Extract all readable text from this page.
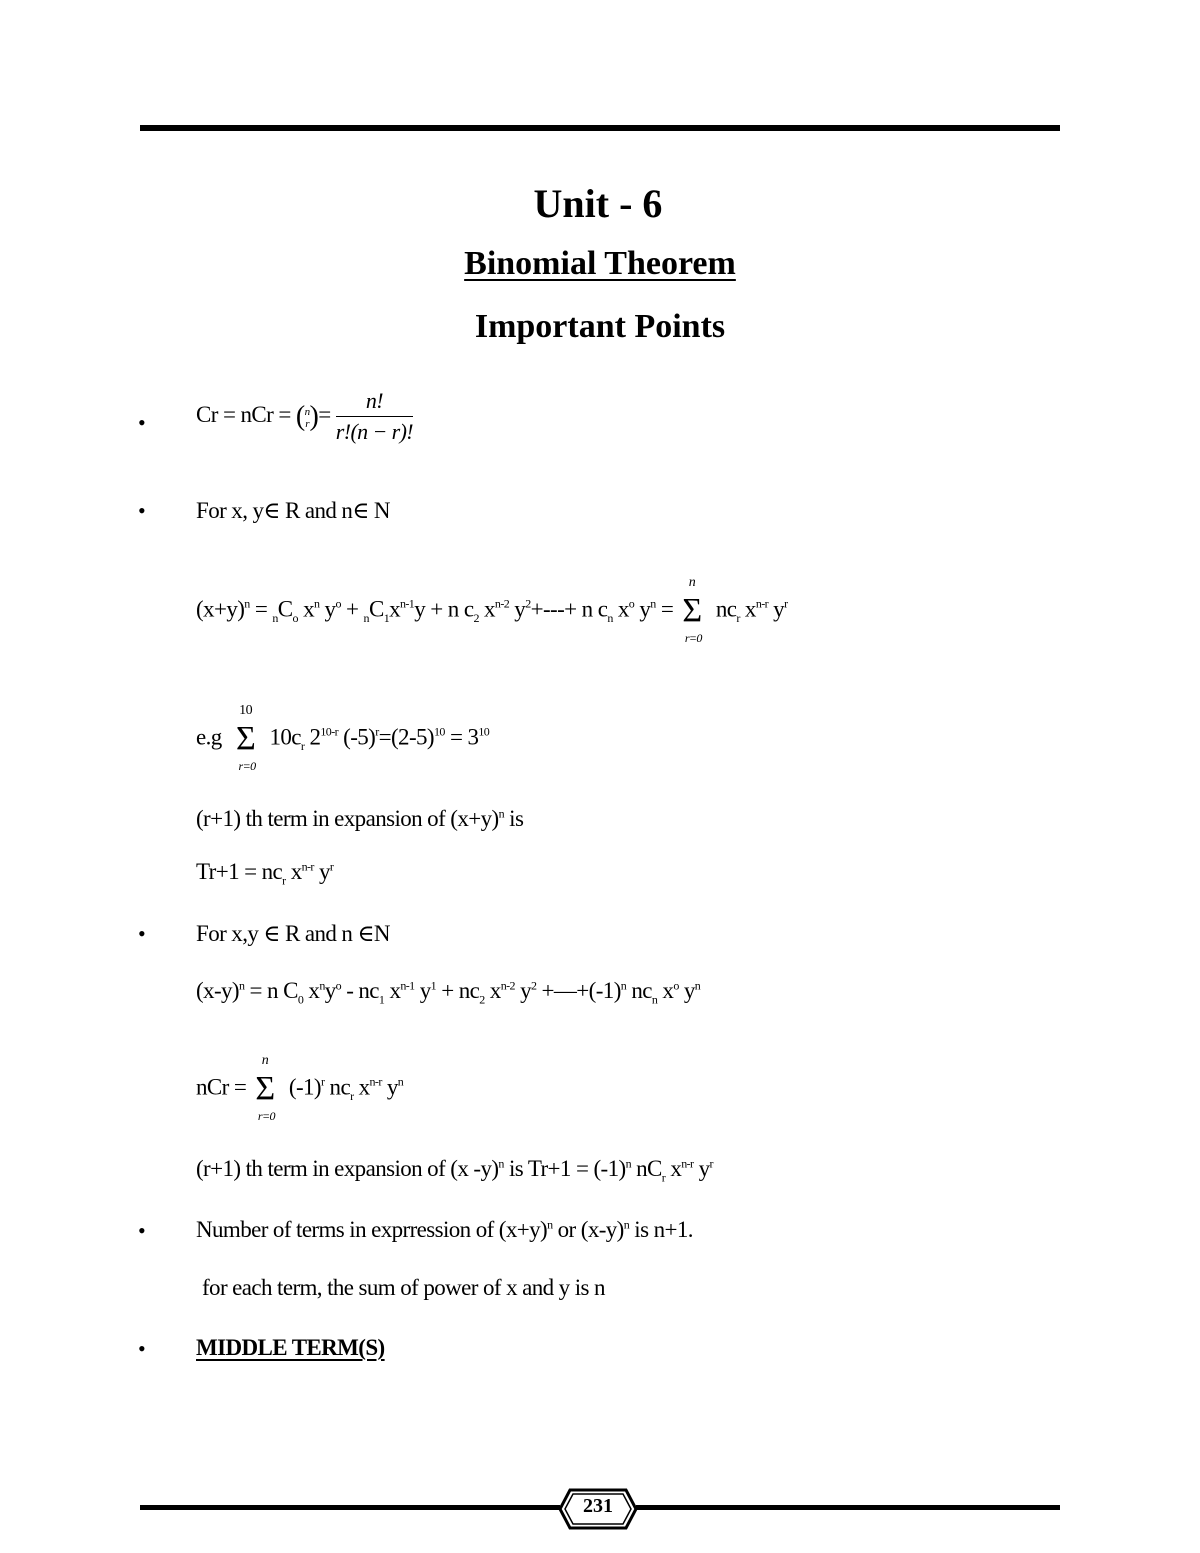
Unit - 6
Binomial Theorem
Important Points
•
•
•
•
•
Cr = nCr = (n
$r)= \frac{n!}{r!(n - r)!}$
For x, y∈ R and n∈ N
$(x+y)^n = _nC_o$ $x^n$ $y^o + _nC_1x^{n-1}y + n$ $c_2$ $x^{n-2}$ $y^2+---+ n$ $c_n$ $x^o$ $y^n = \Sigma$
n
r=0
$nc_r$ $x^{n-r}$ $y^r$
e.g Σ
10
r=0
$10c_r$ 2$^{10-r}$ $(-5)^r=(2-5)^{10} = 3^{10}$
(r+1) th term in expansion of $(x+y)^n$ is
$Tr+1 = nc_r$ $x^{n-r}$ $y^r$
For x,y ∈ R and n ∈N
$(x-y)^n = n$ $C_0$ $x^ny^o - nc_1$ $x^{n-1}$ $y^1 + nc_2$ $x^{n-2}$ $y^2$ $+—+(-1)^n$ $nc_n$ $x^o$ $y^n$
nCr = Σ
n
r=0
$(-1)^r$ $nc_r$ $x^{n-r}$ $y^n$
(r+1) th term in expansion of (x -y)$^n$ is $Tr+1 = (-1)^n$ $nC_r$ $x^{n-r}$ $y^r$
Number of terms in exprression of $(x+y)^n$ or $(x-y)^n$ is n+1.
for each term, the sum of power of x and y is n
MIDDLE TERM(S)
231
